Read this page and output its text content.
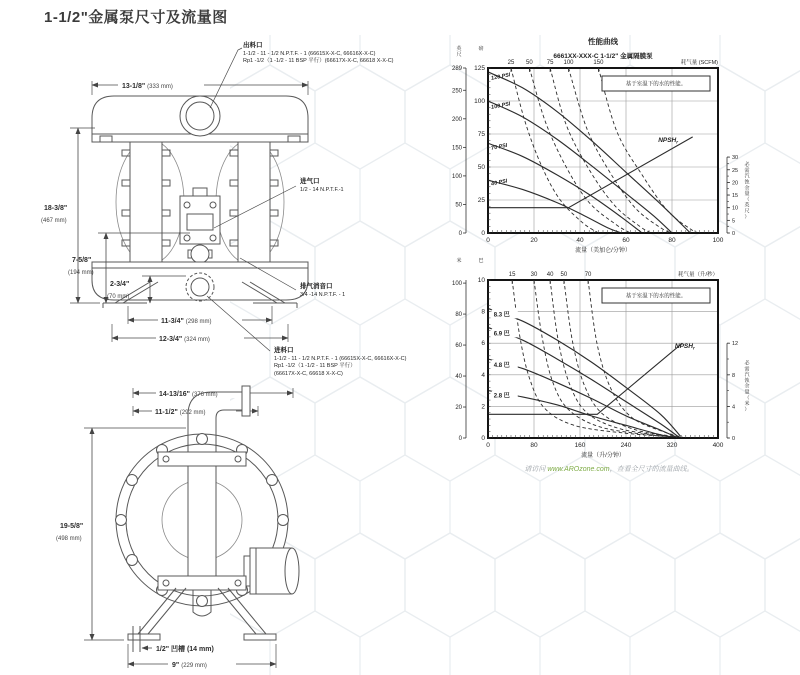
1-1/2"金属泵尺寸及流量图
13-1/8" (333 mm)
18-3/8"
(467 mm)
7-5/8"
(194 mm)
2-3/4"
(70 mm)
11-3/4" (298 mm)
12-3/4" (324 mm)
14-13/16" (376 mm)
11-1/2" (292 mm)
19-5/8"
(498 mm)
1/2" 凹槽 (14 mm)
9" (229 mm)
出料口
1-1/2 - 11 - 1/2 N.P.T.F. - 1 (66615X-X-C, 66616X-X-C)
Rp1 -1/2（1 -1/2 - 11 BSP 平行）(66617X-X-C, 66618 X-X-C)
进气口
1/2 - 14 N.P.T.F.-1
排气消音口
3/4 -14 N.P.T.F. - 1
进料口
1-1/2 - 11 - 1/2 N.P.T.F. - 1 (66615X-X-C, 66616X-X-C)
Rp1 -1/2（1 -1/2 - 11 BSP 平行）
(66617X-X-C, 66618 X-X-C)
性能曲线
6661XX-XXX-C 1-1/2" 金属隔膜泵
120 PSI
100 PSI
70 PSI
40 PSI
$NPSH_r$
0	20	40	60	80	100
流量（美加仑/分钟）
0
25
50
75
100
125
289
250
200
150
100
50
0
英尺
磅
25 50 75 100	150	耗气量 (SCFM)
0
5
10
15
20
25
30
必需汽蚀余量（英尺）
基于室温下的水的性能。
8.3 巴
6.9 巴
4.8 巴
2.8 巴
$NPSH_r$
0	80	160	240	320	400
流量（升/分钟）
0
2
4
6
8
10
100
80
60
40
20
0
米	巴
15	30 40 50	70	耗气量（升/秒）
0
4
8
12
必需汽蚀余量（米）
基于室温下的水的性能。
请访问 www.AROzone.com，查看全尺寸的流量曲线。
